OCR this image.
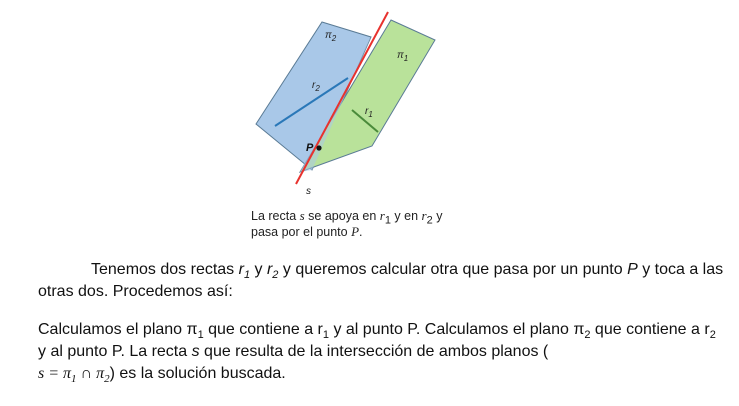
$\pi_2$
$\pi_1$
$r_2$
$r_1$
P
s
La recta s se apoya en $r_1$ y en $r_2$ y
pasa por el punto P.
Tenemos dos rectas $r_1$ y $r_2$ y queremos calcular otra que pasa por un punto P y toca a las otras dos. Procedemos así:
Calculamos el plano $\pi_1$ que contiene a $r_1$ y al punto P. Calculamos el plano $\pi_2$ que contiene a $r_2$ y al punto P. La recta s que resulta de la intersección de ambos planos (
$s = \pi_1$ ∩ $\pi_2$) es la solución buscada.
